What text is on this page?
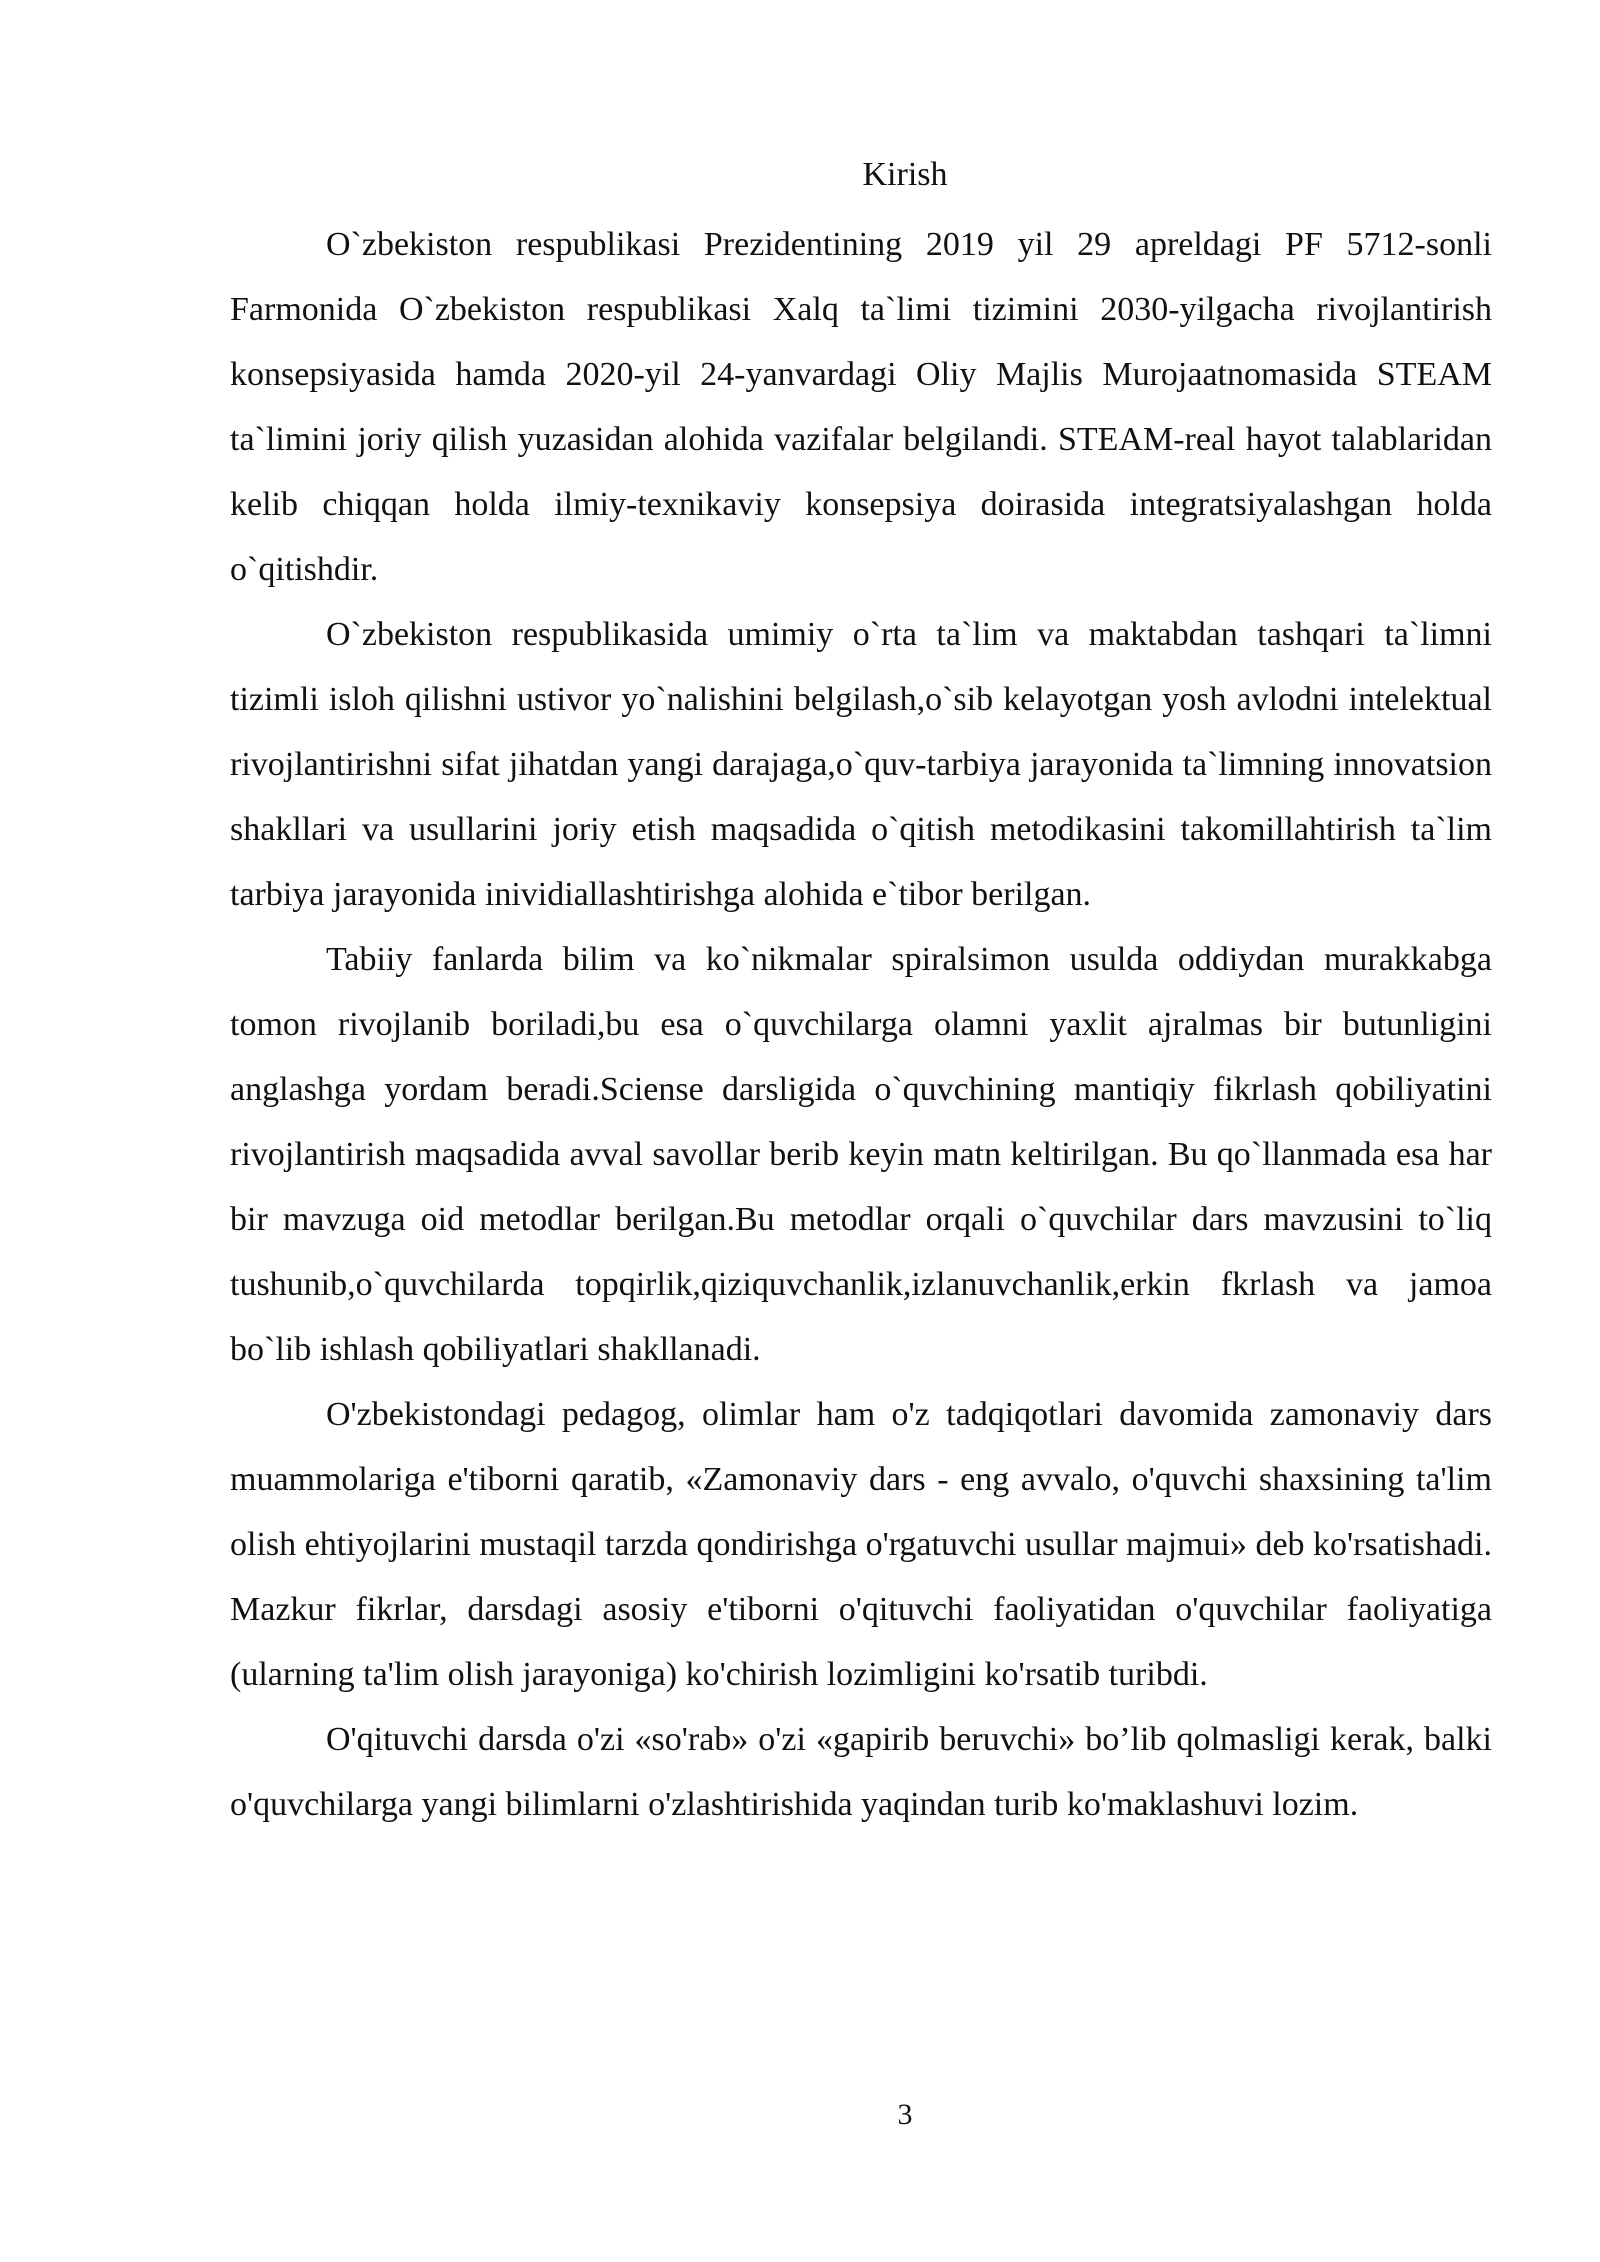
Kirish

O`zbekiston respublikasi Prezidentining 2019 yil 29 apreldagi PF 5712-sonli Farmonida O`zbekiston respublikasi Xalq ta`limi tizimini 2030-yilgacha rivojlantirish konsepsiyasida hamda 2020-yil 24-yanvardagi Oliy Majlis Murojaatnomasida STEAM ta`limini joriy qilish yuzasidan alohida vazifalar belgilandi. STEAM-real hayot talablaridan kelib chiqqan holda ilmiy-texnikaviy konsepsiya doirasida integratsiyalashgan holda o`qitishdir.

O`zbekiston respublikasida umimiy o`rta ta`lim va maktabdan tashqari ta`limni tizimli isloh qilishni ustivor yo`nalishini belgilash,o`sib kelayotgan yosh avlodni intelektual rivojlantirishni sifat jihatdan yangi darajaga,o`quv-tarbiya jarayonida ta`limning innovatsion shakllari va usullarini joriy etish maqsadida o`qitish metodikasini takomillahtirish ta`lim tarbiya jarayonida inividiallashtirishga alohida e`tibor berilgan.

Tabiiy fanlarda bilim va ko`nikmalar spiralsimon usulda oddiydan murakkabga tomon rivojlanib boriladi,bu esa o`quvchilarga olamni yaxlit ajralmas bir butunligini anglashga yordam beradi.Sciense darsligida o`quvchining mantiqiy fikrlash qobiliyatini rivojlantirish maqsadida avval savollar berib keyin matn keltirilgan. Bu qo`llanmada esa har bir mavzuga oid metodlar berilgan.Bu metodlar orqali o`quvchilar dars mavzusini to`liq tushunib,o`quvchilarda topqirlik,qiziquvchanlik,izlanuvchanlik,erkin fkrlash va jamoa bo`lib ishlash qobiliyatlari shakllanadi.

O'zbekistondagi pedagog, olimlar ham o'z tadqiqotlari davomida zamonaviy dars muammolariga e'tiborni qaratib, «Zamonaviy dars - eng avvalo, o'quvchi shaxsining ta'lim olish ehtiyojlarini mustaqil tarzda qondirishga o'rgatuvchi usullar majmui» deb ko'rsatishadi. Mazkur fikrlar, darsdagi asosiy e'tiborni o'qituvchi faoliyatidan o'quvchilar faoliyatiga (ularning ta'lim olish jarayoniga) ko'chirish lozimligini ko'rsatib turibdi.

O'qituvchi darsda o'zi «so'rab» o'zi «gapirib beruvchi» bo’lib qolmasligi kerak, balki o'quvchilarga yangi bilimlarni o'zlashtirishida yaqindan turib ko'maklashuvi lozim.

3
